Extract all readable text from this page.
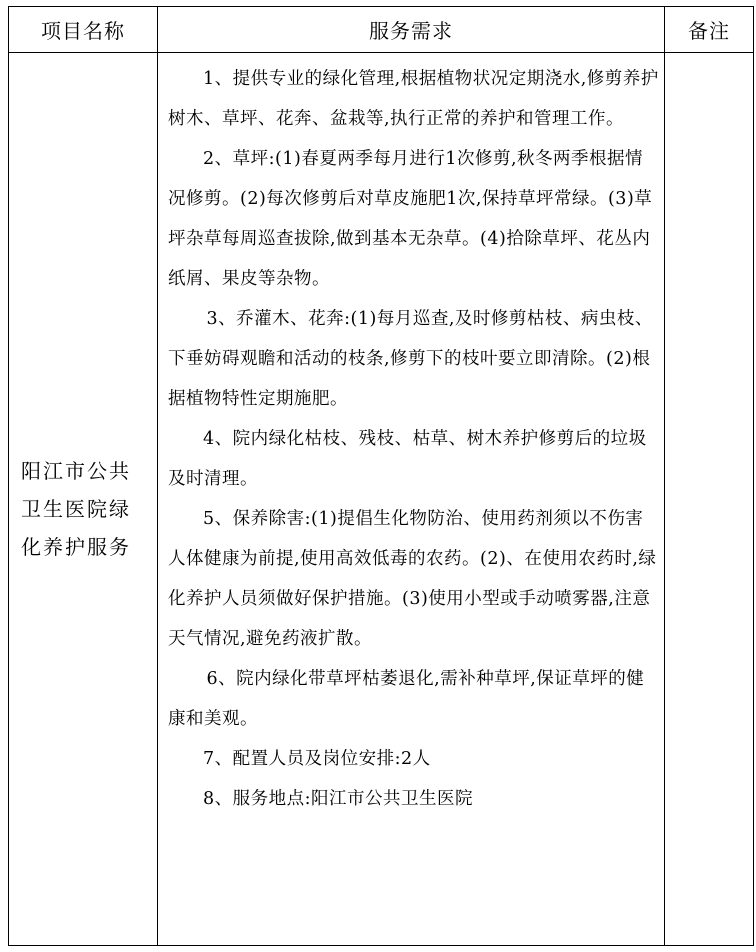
项目名称	服务需求	备注
阳江市公共卫生医院绿化养护服务

1、提供专业的绿化管理,根据植物状况定期浇水,修剪养护树木、草坪、花奔、盆栽等,执行正常的养护和管理工作。

2、草坪:(1)春夏两季每月进行1次修剪,秋冬两季根据情况修剪。(2)每次修剪后对草皮施肥1次,保持草坪常绿。(3)草坪杂草每周巡查拔除,做到基本无杂草。(4)拾除草坪、花丛内纸屑、果皮等杂物。

3、乔灌木、花奔:(1)每月巡查,及时修剪枯枝、病虫枝、下垂妨碍观瞻和活动的枝条,修剪下的枝叶要立即清除。(2)根据植物特性定期施肥。

4、院内绿化枯枝、残枝、枯草、树木养护修剪后的垃圾及时清理。

5、保养除害:(1)提倡生化物防治、使用药剂须以不伤害人体健康为前提,使用高效低毒的农药。(2)、在使用农药时,绿化养护人员须做好保护措施。(3)使用小型或手动喷雾器,注意天气情况,避免药液扩散。

6、院内绿化带草坪枯萎退化,需补种草坪,保证草坪的健康和美观。

7、配置人员及岗位安排:2人

8、服务地点:阳江市公共卫生医院
